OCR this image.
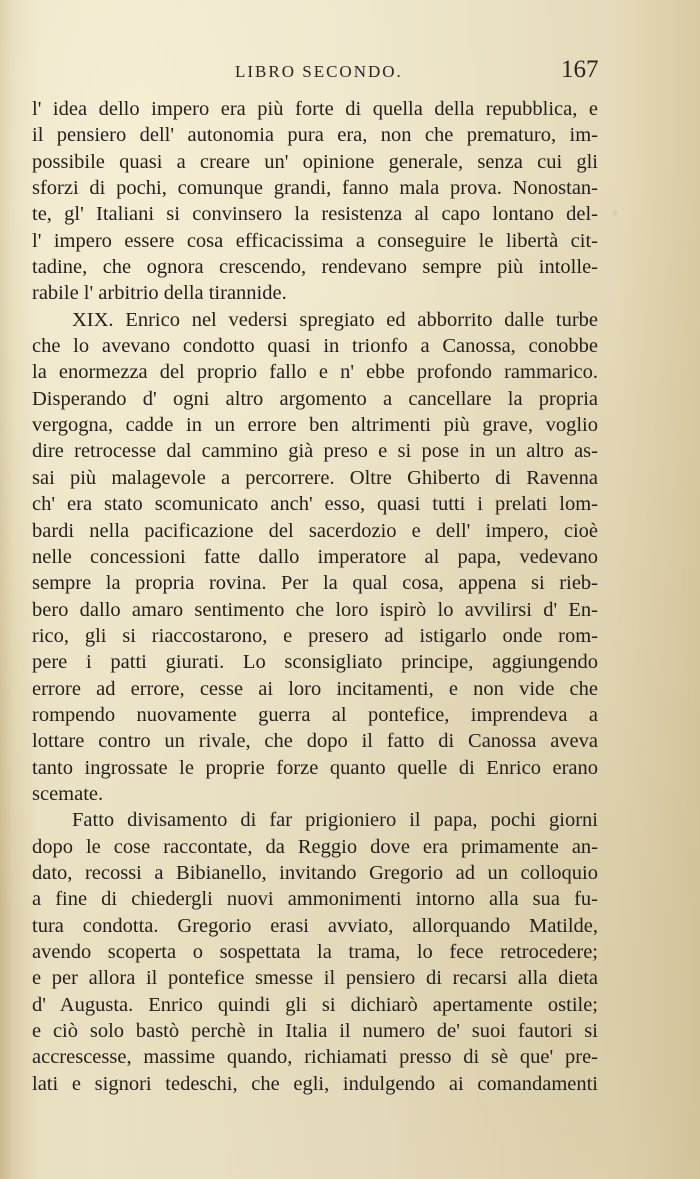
LIBRO SECONDO.	167
l' idea dello impero era più forte di quella della repubblica, e
il pensiero dell' autonomia pura era, non che prematuro, im-
possibile quasi a creare un' opinione generale, senza cui gli
sforzi di pochi, comunque grandi, fanno mala prova. Nonostan-
te, gl' Italiani si convinsero la resistenza al capo lontano del-
l' impero essere cosa efficacissima a conseguire le libertà cit-
tadine, che ognora crescendo, rendevano sempre più intolle-
rabile l' arbitrio della tirannide.
XIX. Enrico nel vedersi spregiato ed abborrito dalle turbe
che lo avevano condotto quasi in trionfo a Canossa, conobbe
la enormezza del proprio fallo e n' ebbe profondo rammarico.
Disperando d' ogni altro argomento a cancellare la propria
vergogna, cadde in un errore ben altrimenti più grave, voglio
dire retrocesse dal cammino già preso e si pose in un altro as-
sai più malagevole a percorrere. Oltre Ghiberto di Ravenna
ch' era stato scomunicato anch' esso, quasi tutti i prelati lom-
bardi nella pacificazione del sacerdozio e dell' impero, cioè
nelle concessioni fatte dallo imperatore al papa, vedevano
sempre la propria rovina. Per la qual cosa, appena si rieb-
bero dallo amaro sentimento che loro ispirò lo avvilirsi d' En-
rico, gli si riaccostarono, e presero ad istigarlo onde rom-
pere i patti giurati. Lo sconsigliato principe, aggiungendo
errore ad errore, cesse ai loro incitamenti, e non vide che
rompendo nuovamente guerra al pontefice, imprendeva a
lottare contro un rivale, che dopo il fatto di Canossa aveva
tanto ingrossate le proprie forze quanto quelle di Enrico erano
scemate.
Fatto divisamento di far prigioniero il papa, pochi giorni
dopo le cose raccontate, da Reggio dove era primamente an-
dato, recossi a Bibianello, invitando Gregorio ad un colloquio
a fine di chiedergli nuovi ammonimenti intorno alla sua fu-
tura condotta. Gregorio erasi avviato, allorquando Matilde,
avendo scoperta o sospettata la trama, lo fece retrocedere;
e per allora il pontefice smesse il pensiero di recarsi alla dieta
d' Augusta. Enrico quindi gli si dichiarò apertamente ostile;
e ciò solo bastò perchè in Italia il numero de' suoi fautori si
accrescesse, massime quando, richiamati presso di sè que' pre-
lati e signori tedeschi, che egli, indulgendo ai comandamenti
